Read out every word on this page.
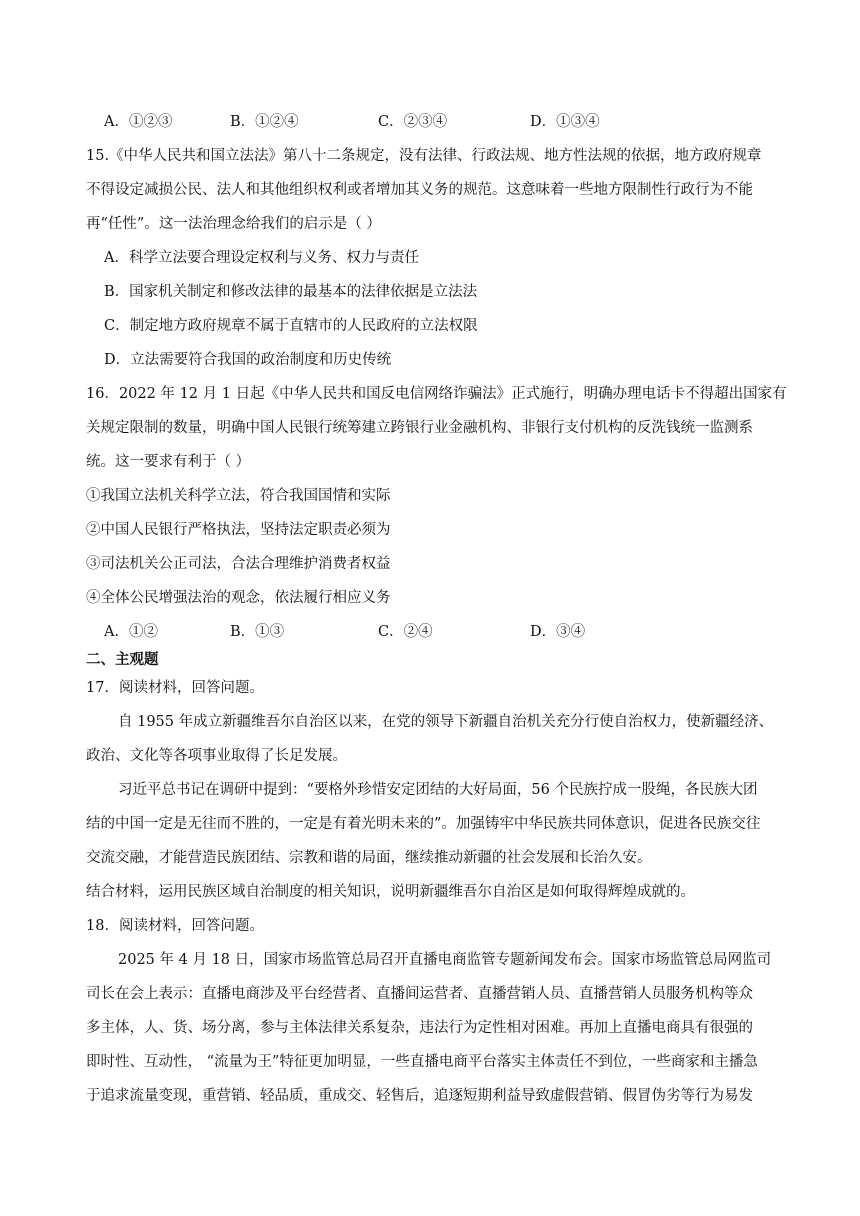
A．①②③	B．①②④	C．②③④	D．①③④
15.《中华人民共和国立法法》第八十二条规定，没有法律、行政法规、地方性法规的依据，地方政府规章
不得设定减损公民、法人和其他组织权利或者增加其义务的规范。这意味着一些地方限制性行政行为不能
再“任性”。这一法治理念给我们的启示是（ ）
A．科学立法要合理设定权利与义务、权力与责任
B．国家机关制定和修改法律的最基本的法律依据是立法法
C．制定地方政府规章不属于直辖市的人民政府的立法权限
D．立法需要符合我国的政治制度和历史传统
16．2022 年 12 月 1 日起《中华人民共和国反电信网络诈骗法》正式施行，明确办理电话卡不得超出国家有
关规定限制的数量，明确中国人民银行统筹建立跨银行业金融机构、非银行支付机构的反洗钱统一监测系
统。这一要求有利于（ ）
①我国立法机关科学立法，符合我国国情和实际
②中国人民银行严格执法，坚持法定职责必须为
③司法机关公正司法，合法合理维护消费者权益
④全体公民增强法治的观念，依法履行相应义务
A．①②	B．①③	C．②④	D．③④
二、主观题
17．阅读材料，回答问题。
自 1955 年成立新疆维吾尔自治区以来，在党的领导下新疆自治机关充分行使自治权力，使新疆经济、
政治、文化等各项事业取得了长足发展。
习近平总书记在调研中提到：“要格外珍惜安定团结的大好局面，56 个民族拧成一股绳，各民族大团
结的中国一定是无往而不胜的，一定是有着光明未来的”。加强铸牢中华民族共同体意识，促进各民族交往
交流交融，才能营造民族团结、宗教和谐的局面，继续推动新疆的社会发展和长治久安。
结合材料，运用民族区域自治制度的相关知识，说明新疆维吾尔自治区是如何取得辉煌成就的。
18．阅读材料，回答问题。
2025 年 4 月 18 日，国家市场监管总局召开直播电商监管专题新闻发布会。国家市场监管总局网监司
司长在会上表示：直播电商涉及平台经营者、直播间运营者、直播营销人员、直播营销人员服务机构等众
多主体，人、货、场分离，参与主体法律关系复杂，违法行为定性相对困难。再加上直播电商具有很强的
即时性、互动性， “流量为王”特征更加明显，一些直播电商平台落实主体责任不到位，一些商家和主播急
于追求流量变现，重营销、轻品质，重成交、轻售后，追逐短期利益导致虚假营销、假冒伪劣等行为易发
